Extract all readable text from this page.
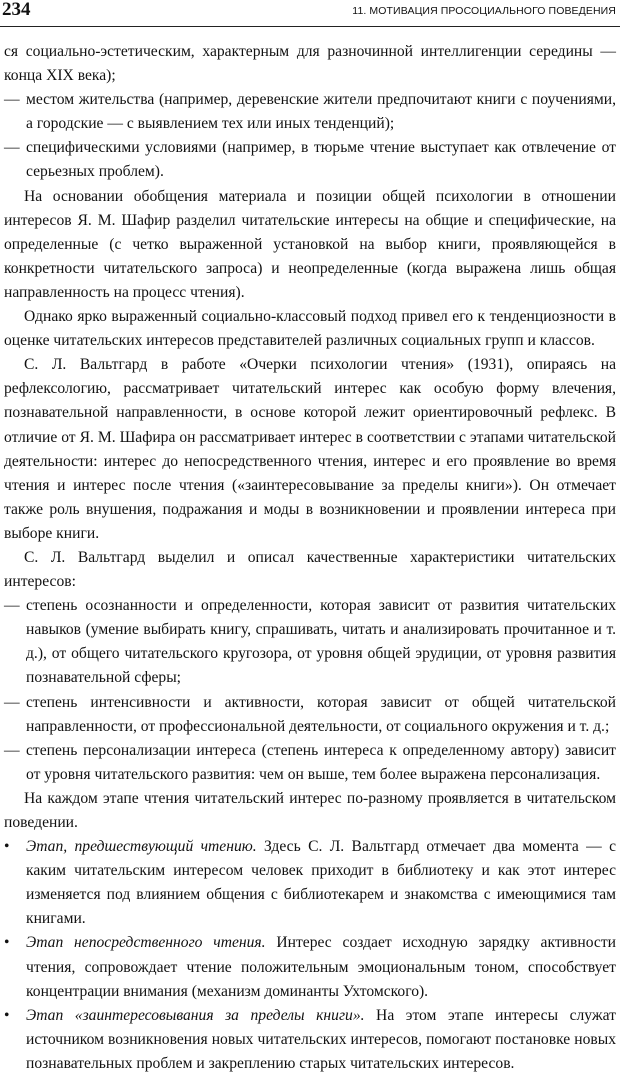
234	11. МОТИВАЦИЯ ПРОСОЦИАЛЬНОГО ПОВЕДЕНИЯ

ся социально-эстетическим, характерным для разночинной интеллигенции середины — конца XIX века);

— местом жительства (например, деревенские жители предпочитают книги с поучениями, а городские — с выявлением тех или иных тенденций);

— специфическими условиями (например, в тюрьме чтение выступает как отвлечение от серьезных проблем).

На основании обобщения материала и позиции общей психологии в отношении интересов Я. М. Шафир разделил читательские интересы на общие и специфические, на определенные (с четко выраженной установкой на выбор книги, проявляющейся в конкретности читательского запроса) и неопределенные (когда выражена лишь общая направленность на процесс чтения).

Однако ярко выраженный социально-классовый подход привел его к тенденциозности в оценке читательских интересов представителей различных социальных групп и классов.

С. Л. Вальтгард в работе «Очерки психологии чтения» (1931), опираясь на рефлексологию, рассматривает читательский интерес как особую форму влечения, познавательной направленности, в основе которой лежит ориентировочный рефлекс. В отличие от Я. М. Шафира он рассматривает интерес в соответствии с этапами читательской деятельности: интерес до непосредственного чтения, интерес и его проявление во время чтения и интерес после чтения («заинтересовывание за пределы книги»). Он отмечает также роль внушения, подражания и моды в возникновении и проявлении интереса при выборе книги.

С. Л. Вальтгард выделил и описал качественные характеристики читательских интересов:

— степень осознанности и определенности, которая зависит от развития читательских навыков (умение выбирать книгу, спрашивать, читать и анализировать прочитанное и т. д.), от общего читательского кругозора, от уровня общей эрудиции, от уровня развития познавательной сферы;

— степень интенсивности и активности, которая зависит от общей читательской направленности, от профессиональной деятельности, от социального окружения и т. д.;

— степень персонализации интереса (степень интереса к определенному автору) зависит от уровня читательского развития: чем он выше, тем более выражена персонализация.

На каждом этапе чтения читательский интерес по-разному проявляется в читательском поведении.

• Этап, предшествующий чтению. Здесь С. Л. Вальтгард отмечает два момента — с каким читательским интересом человек приходит в библиотеку и как этот интерес изменяется под влиянием общения с библиотекарем и знакомства с имеющимися там книгами.

• Этап непосредственного чтения. Интерес создает исходную зарядку активности чтения, сопровождает чтение положительным эмоциональным тоном, способствует концентрации внимания (механизм доминанты Ухтомского).

• Этап «заинтересовывания за пределы книги». На этом этапе интересы служат источником возникновения новых читательских интересов, помогают постановке новых познавательных проблем и закреплению старых читательских интересов.
